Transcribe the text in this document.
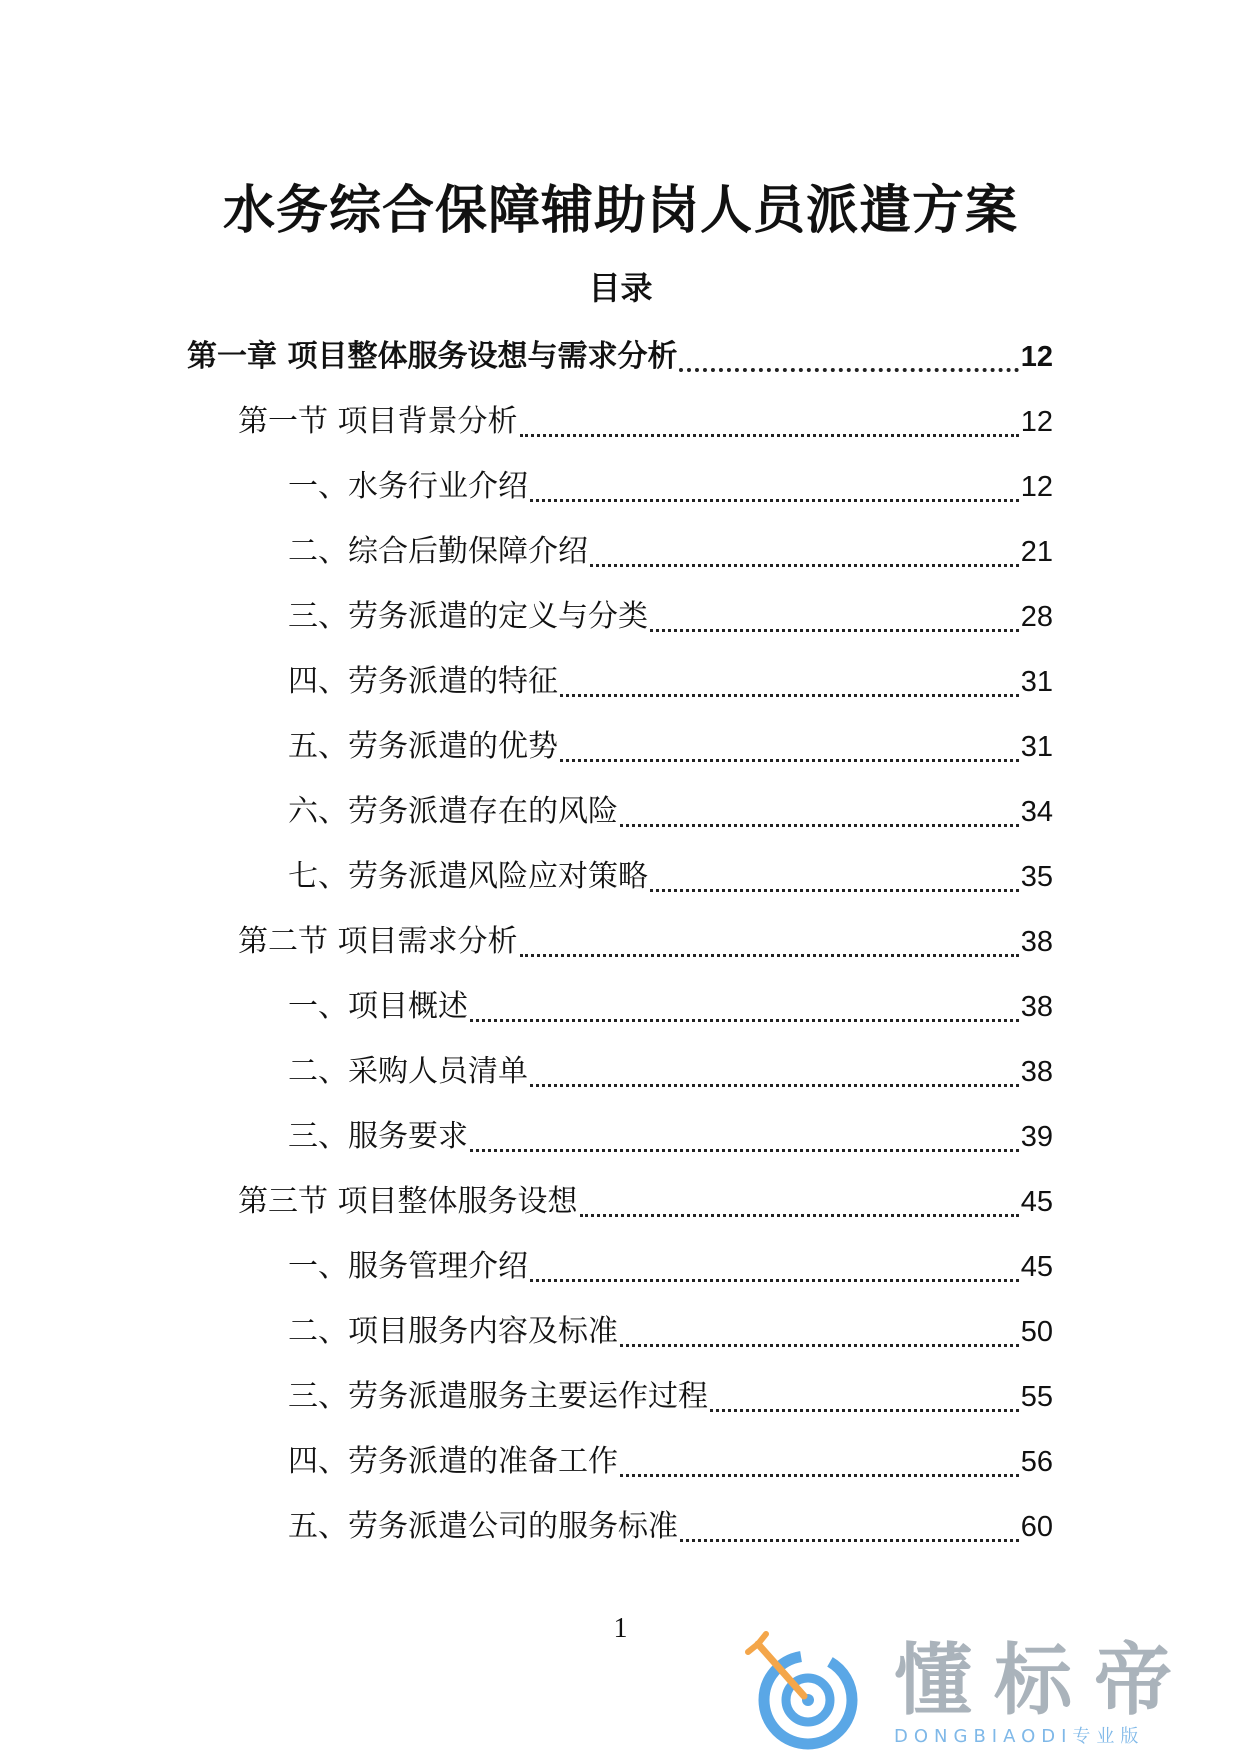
水务综合保障辅助岗人员派遣方案
目录
第一章 项目整体服务设想与需求分析	12
第一节 项目背景分析	12
一、水务行业介绍	12
二、综合后勤保障介绍	21
三、劳务派遣的定义与分类	28
四、劳务派遣的特征	31
五、劳务派遣的优势	31
六、劳务派遣存在的风险	34
七、劳务派遣风险应对策略	35
第二节 项目需求分析	38
一、项目概述	38
二、采购人员清单	38
三、服务要求	39
第三节 项目整体服务设想	45
一、服务管理介绍	45
二、项目服务内容及标准	50
三、劳务派遣服务主要运作过程	55
四、劳务派遣的准备工作	56
五、劳务派遣公司的服务标准	60
1
懂标帝
DONGBIAODI专业版
